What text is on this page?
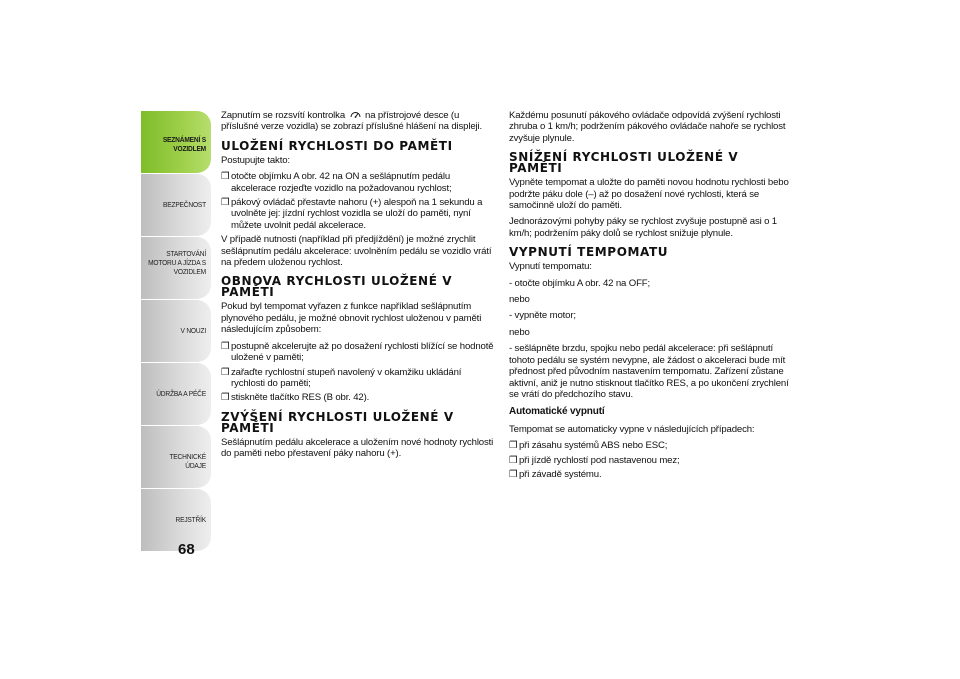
SEZNÁMENÍ S VOZIDLEM
BEZPEČNOST
STARTOVÁNÍ MOTORU A JÍZDA S VOZIDLEM
V NOUZI
ÚDRŽBA A PÉČE
TECHNICKÉ ÚDAJE
REJSTŘÍK
68

Zapnutím se rozsvítí kontrolka na přístrojové desce (u příslušné verze vozidla) se zobrazí příslušné hlášení na displeji.

ULOŽENÍ RYCHLOSTI DO PAMĚTI

Postupujte takto:

❒ otočte objímku A obr. 42 na ON a sešlápnutím pedálu akcelerace rozjeďte vozidlo na požadovanou rychlost;
❒ pákový ovládač přestavte nahoru (+) alespoň na 1 sekundu a uvolněte jej: jízdní rychlost vozidla se uloží do paměti, nyní můžete uvolnit pedál akcelerace.

V případě nutnosti (například při předjíždění) je možné zrychlit sešlápnutím pedálu akcelerace: uvolněním pedálu se vozidlo vrátí na předem uloženou rychlost.

OBNOVA RYCHLOSTI ULOŽENÉ V PAMĚTI

Pokud byl tempomat vyřazen z funkce například sešlápnutím plynového pedálu, je možné obnovit rychlost uloženou v paměti následujícím způsobem:

❒ postupně akcelerujte až po dosažení rychlosti blížící se hodnotě uložené v paměti;
❒ zařaďte rychlostní stupeň navolený v okamžiku ukládání rychlosti do paměti;
❒ stiskněte tlačítko RES (B obr. 42).
ZVÝŠENÍ RYCHLOSTI ULOŽENÉ V PAMĚTI

Sešlápnutím pedálu akcelerace a uložením nové hodnoty rychlosti do paměti nebo přestavení páky nahoru (+).

Každému posunutí pákového ovládače odpovídá zvýšení rychlosti zhruba o 1 km/h; podržením pákového ovládače nahoře se rychlost zvyšuje plynule.

SNÍŽENÍ RYCHLOSTI ULOŽENÉ V PAMĚTI

Vypněte tempomat a uložte do paměti novou hodnotu rychlosti bebo podržte páku dole (–) až po dosažení nové rychlosti, která se samočinně uloží do paměti.

Jednorázovými pohyby páky se rychlost zvyšuje postupně asi o 1 km/h; podržením páky dolů se rychlost snižuje plynule.

VYPNUTÍ TEMPOMATU

Vypnutí tempomatu:

- otočte objímku A obr. 42 na OFF;

nebo

- vypněte motor;

nebo

- sešlápněte brzdu, spojku nebo pedál akcelerace: při sešlápnutí tohoto pedálu se systém nevypne, ale žádost o akceleraci bude mít přednost před původním nastavením tempomatu. Zařízení zůstane aktivní, aniž je nutno stisknout tlačítko RES, a po ukončení zrychlení se vrátí do předchozího stavu.

Automatické vypnutí

Tempomat se automaticky vypne v následujících případech:

❒ při zásahu systémů ABS nebo ESC;
❒ při jízdě rychlostí pod nastavenou mez;
❒ při závadě systému.
